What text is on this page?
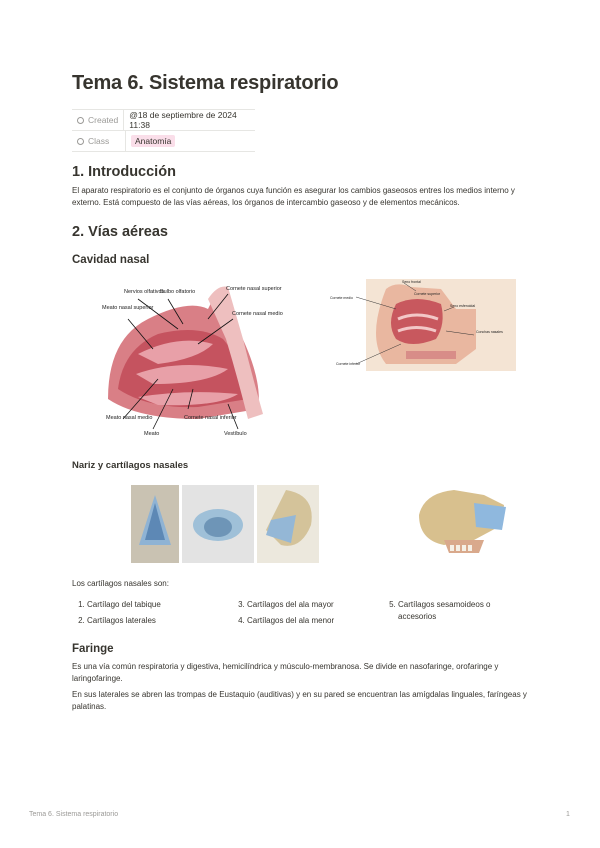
Tema 6. Sistema respiratorio
Created	@18 de septiembre de 2024 11:38
Class	Anatomía
1. Introducción

El aparato respiratorio es el conjunto de órganos cuya función es asegurar los cambios gaseosos entres los medios interno y externo. Está compuesto de las vías aéreas, los órganos de intercambio gaseoso y de elementos mecánicos.

2. Vías aéreas
Cavidad nasal
Nervios olfativos
Bulbo olfatorio	Cornete nasal superior
Meato nasal superior
Cornete nasal medio
Meato nasal medio
Meato
Cornete nasal inferior
Vestíbulo
Cornete medio
Seno frontal
Cornete superior
Seno esfenoidal
Conchas nasales
Cornete inferior
Nariz y cartílagos nasales

Los cartílagos nasales son:

1. Cartílago del tabique
2. Cartílagos laterales
3. Cartílagos del ala mayor
4. Cartílagos del ala menor
5. Cartílagos sesamoideos o accesorios
Faringe

Es una vía común respiratoria y digestiva, hemicilíndrica y músculo-membranosa. Se divide en nasofaringe, orofaringe y laringofaringe.

En sus laterales se abren las trompas de Eustaquio (auditivas) y en su pared se encuentran las amígdalas linguales, faríngeas y palatinas.

Tema 6. Sistema respiratorio	1
